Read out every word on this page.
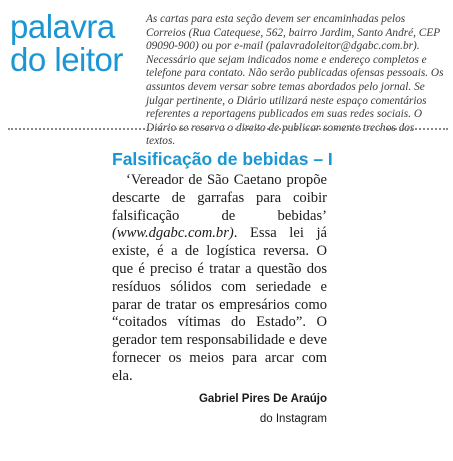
palavra
do leitor

As cartas para esta seção devem ser encaminhadas pelos Correios (Rua Catequese, 562, bairro Jardim, Santo André, CEP 09090-900) ou por e-mail (palavradoleitor@dgabc.com.br). Necessário que sejam indicados nome e endereço completos e telefone para contato. Não serão publicadas ofensas pessoais. Os assuntos devem versar sobre temas abordados pelo jornal. Se julgar pertinente, o Diário utilizará neste espaço comentários referentes a reportagens publicados em suas redes sociais. O Diário se reserva o direito de publicar somente trechos dos textos.

Falsificação de bebidas – I

‘Vereador de São Caetano propõe descarte de garrafas para coibir falsificação de bebidas’ (www.dgabc.com.br). Essa lei já existe, é a de logística reversa. O que é preciso é tratar a questão dos resíduos sólidos com seriedade e parar de tratar os empresários como “coitados vítimas do Estado”. O gerador tem responsabilidade e deve fornecer os meios para arcar com ela.

Gabriel Pires De Araújo
do Instagram
